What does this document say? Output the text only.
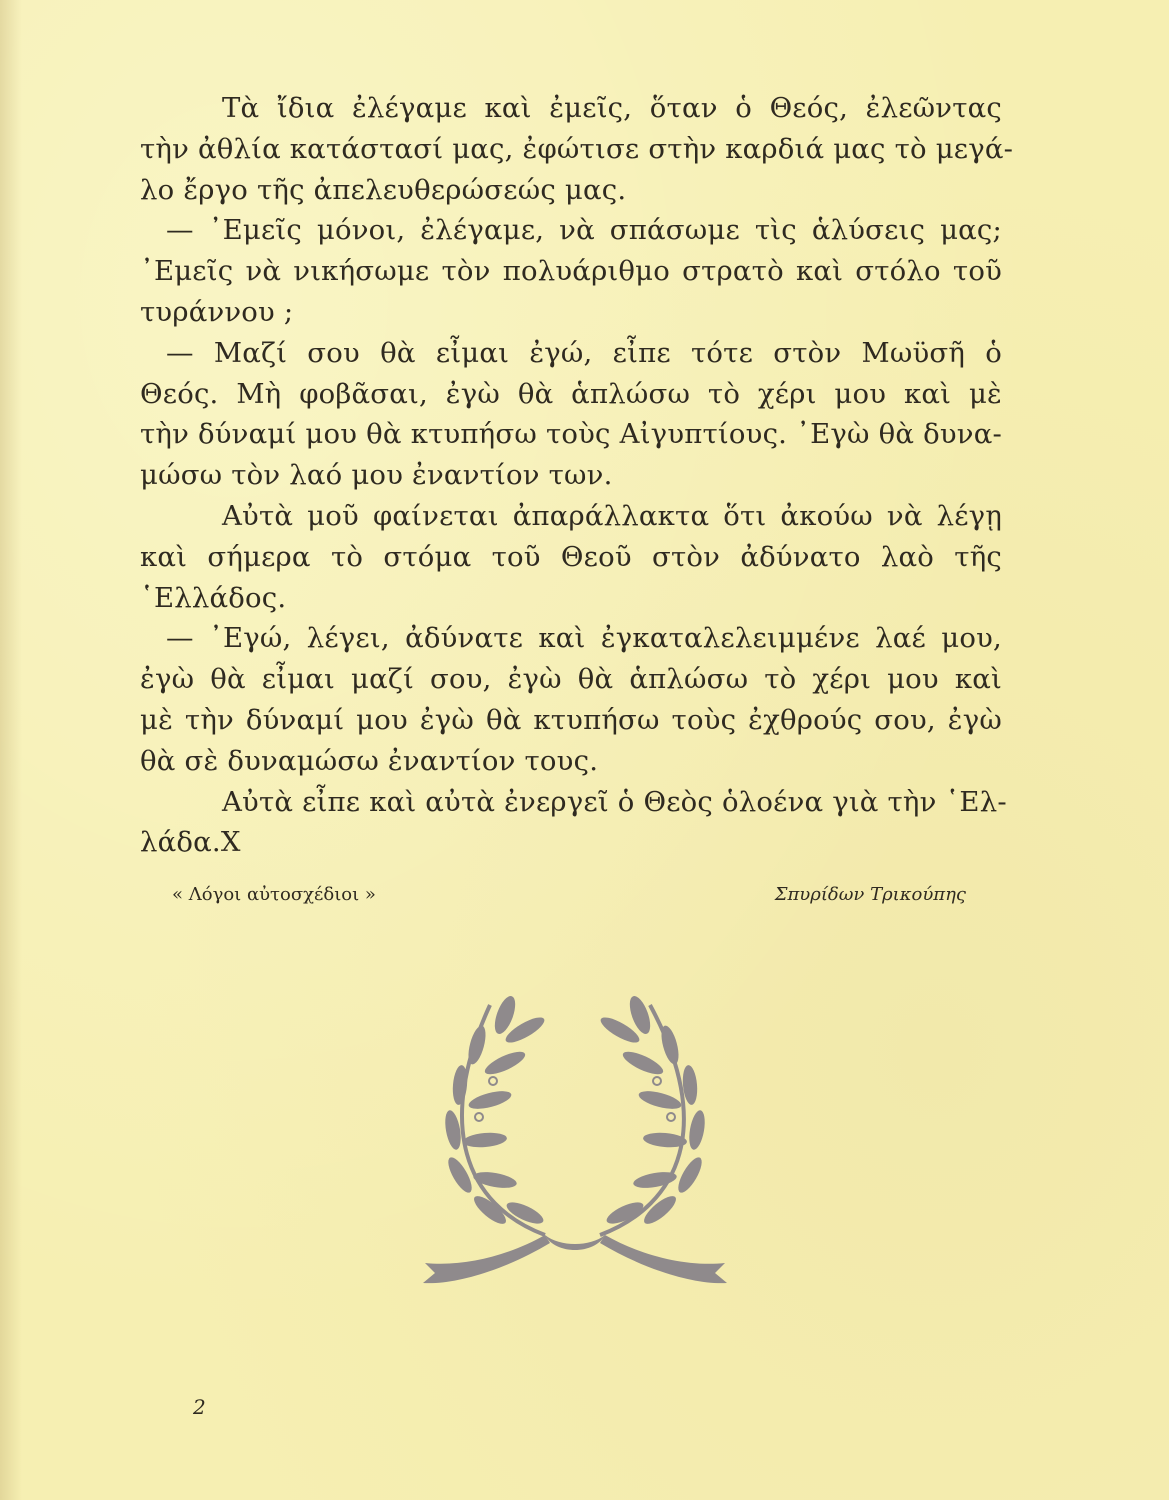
Τὰ ἴδια ἐλέγαμε καὶ ἐμεῖς, ὅταν ὁ Θεός, ἐλεῶντας
τὴν ἀθλία κατάστασί μας, ἐφώτισε στὴν καρδιά μας τὸ μεγά-
λο ἔργο τῆς ἀπελευθερώσεώς μας.
— ᾿Εμεῖς μόνοι, ἐλέγαμε, νὰ σπάσωμε τὶς ἁλύσεις μας;
᾿Εμεῖς νὰ νικήσωμε τὸν πολυάριθμο στρατὸ καὶ στόλο τοῦ
τυράννου ;
— Μαζί σου θὰ εἶμαι ἐγώ, εἶπε τότε στὸν Μωϋσῆ ὁ
Θεός. Μὴ φοβᾶσαι, ἐγὼ θὰ ἁπλώσω τὸ χέρι μου καὶ μὲ
τὴν δύναμί μου θὰ κτυπήσω τοὺς Αἰγυπτίους. ᾿Εγὼ θὰ δυνα-
μώσω τὸν λαό μου ἐναντίον των.
Αὐτὰ μοῦ φαίνεται ἀπαράλλακτα ὅτι ἀκούω νὰ λέγῃ
καὶ σήμερα τὸ στόμα τοῦ Θεοῦ στὸν ἀδύνατο λαὸ τῆς
῾Ελλάδος.
— ᾿Εγώ, λέγει, ἀδύνατε καὶ ἐγκαταλελειμμένε λαέ μου,
ἐγὼ θὰ εἶμαι μαζί σου, ἐγὼ θὰ ἁπλώσω τὸ χέρι μου καὶ
μὲ τὴν δύναμί μου ἐγὼ θὰ κτυπήσω τοὺς ἐχθρούς σου, ἐγὼ
θὰ σὲ δυναμώσω ἐναντίον τους.
Αὐτὰ εἶπε καὶ αὐτὰ ἐνεργεῖ ὁ Θεὸς ὁλοένα γιὰ τὴν ῾Ελ-
λάδα.Χ
« Λόγοι αὐτοσχέδιοι »	Σπυρίδων Τρικούπης
2
